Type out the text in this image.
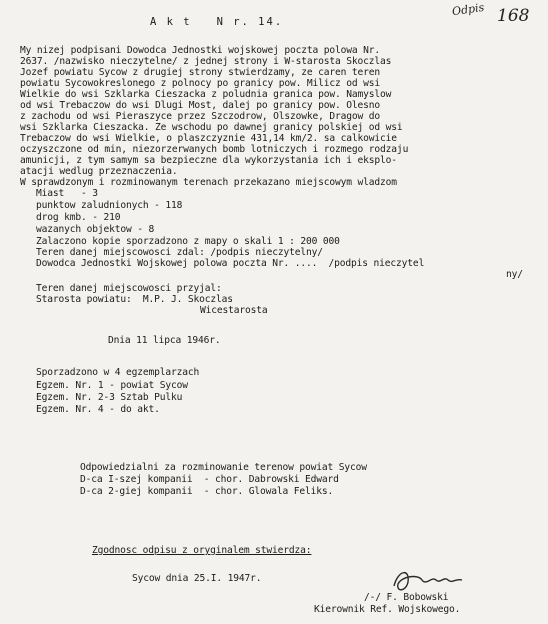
Odpis 168
A k t   N r. 14.
My nizej podpisani Dowodca Jednostki wojskowej poczta polowa Nr.
2637. /nazwisko nieczytelne/ z jednej strony i W-starosta Skoczlas
Jozef powiatu Sycow z drugiej strony stwierdzamy, ze caren teren
powiatu Sycowokreslonego z polnocy po granicy pow. Milicz od wsi
Wielkie do wsi Szklarka Cieszacka z poludnia granica pow. Namyslow
od wsi Trebaczow do wsi Dlugi Most, dalej po granicy pow. Olesno
z zachodu od wsi Pieraszyce przez Szczodrow, Olszowke, Dragow do
wsi Szklarka Cieszacka. Ze wschodu po dawnej granicy polskiej od wsi
Trebaczow do wsi Wielkie, o plaszczyznie 431,14 km/2. sa calkowicie
oczyszczone od min, niezorzerwanych bomb lotniczych i rozmego rodzaju
amunicji, z tym samym sa bezpieczne dla wykorzystania ich i eksplo-
atacji wedlug przeznaczenia.
W sprawdzonym i rozminowanym terenach przekazano miejscowym wladzom
Miast   - 3
punktow zaludnionych - 118
drog kmb. - 210
wazanych objektow - 8
Zalaczono kopie sporzadzono z mapy o skali 1 : 200 000
Teren danej miejscowosci zdal: /podpis nieczytelny/
Dowodca Jednostki Wojskowej polowa poczta Nr. ....  /podpis nieczytel
ny/
Teren danej miejscowosci przyjal:
Starosta powiatu:  M.P. J. Skoczlas
Wicestarosta
Dnia 11 lipca 1946r.
Sporzadzono w 4 egzemplarzach
Egzem. Nr. 1 - powiat Sycow
Egzem. Nr. 2-3 Sztab Pulku
Egzem. Nr. 4 - do akt.
Odpowiedzialni za rozminowanie terenow powiat Sycow
D-ca I-szej kompanii  - chor. Dabrowski Edward
D-ca 2-giej kompanii  - chor. Glowala Feliks.
Zgodnosc odpisu z oryginalem stwierdza:
Sycow dnia 25.I. 1947r.
/-/ F. Bobowski
Kierownik Ref. Wojskowego.
